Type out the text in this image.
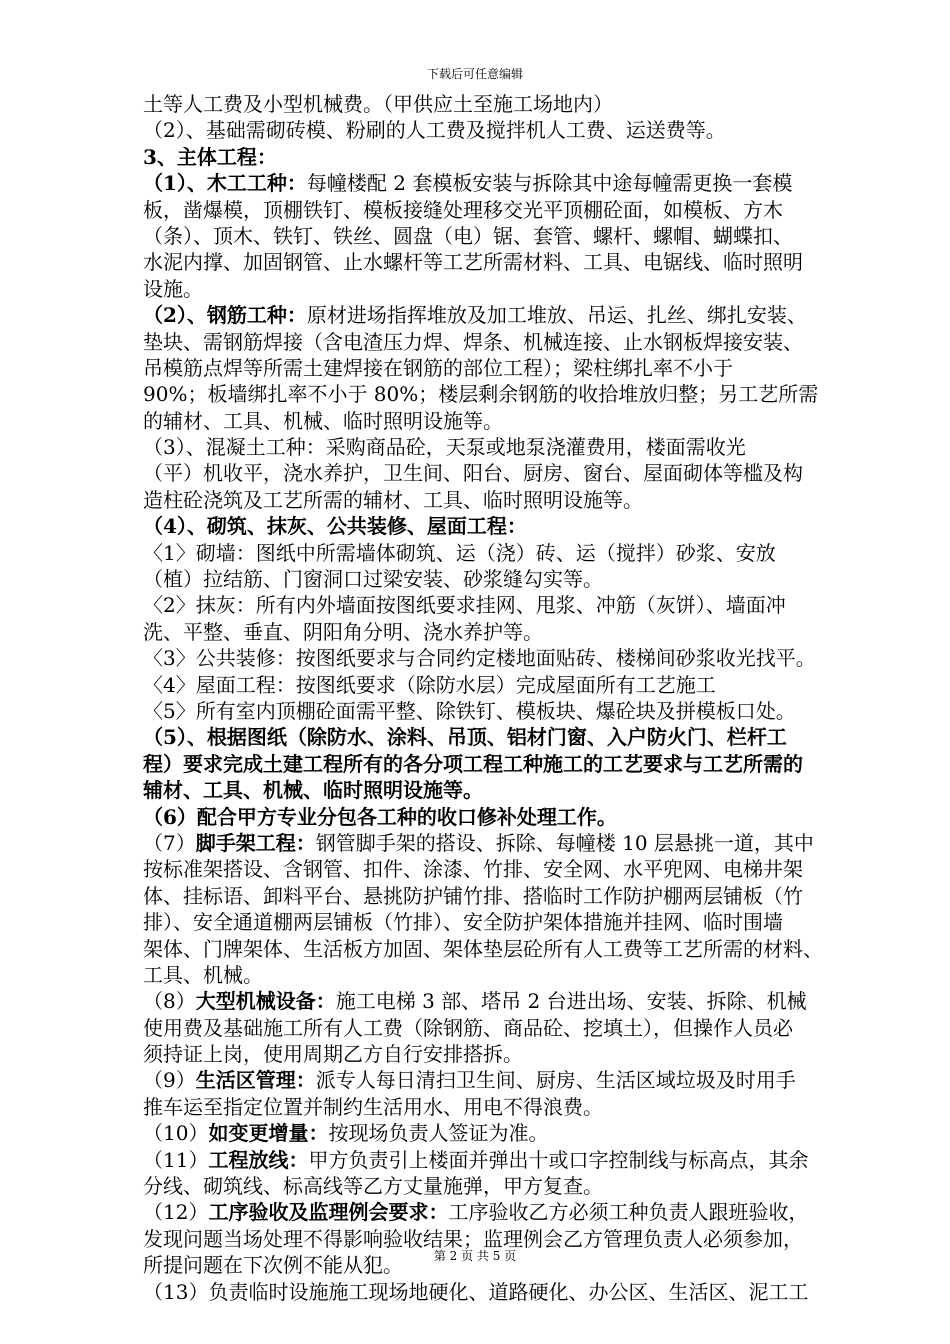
下载后可任意编辑
土等人工费及小型机械费。（甲供应土至施工场地内）
（2）、基础需砌砖模、粉刷的人工费及搅拌机人工费、运送费等。
3、主体工程：
（1）、木工工种：每幢楼配 2 套模板安装与拆除其中途每幢需更换一套模
板，凿爆模，顶棚铁钉、模板接缝处理移交光平顶棚砼面，如模板、方木
（条）、顶木、铁钉、铁丝、圆盘（电）锯、套管、螺杆、螺帽、蝴蝶扣、
水泥内撑、加固钢管、止水螺杆等工艺所需材料、工具、电锯线、临时照明
设施。
（2）、钢筋工种：原材进场指挥堆放及加工堆放、吊运、扎丝、绑扎安装、
垫块、需钢筋焊接（含电渣压力焊、焊条、机械连接、止水钢板焊接安装、
吊模筋点焊等所需土建焊接在钢筋的部位工程）；梁柱绑扎率不小于
90%；板墙绑扎率不小于 80%；楼层剩余钢筋的收拾堆放归整；另工艺所需
的辅材、工具、机械、临时照明设施等。
（3）、混凝土工种：采购商品砼，天泵或地泵浇灌费用，楼面需收光
（平）机收平，浇水养护，卫生间、阳台、厨房、窗台、屋面砌体等槛及构
造柱砼浇筑及工艺所需的辅材、工具、临时照明设施等。
（4）、砌筑、抹灰、公共装修、屋面工程：
〈1〉砌墙：图纸中所需墙体砌筑、运（浇）砖、运（搅拌）砂浆、安放
（植）拉结筋、门窗洞口过梁安装、砂浆缝勾实等。
〈2〉抹灰：所有内外墙面按图纸要求挂网、甩浆、冲筋（灰饼）、墙面冲
洗、平整、垂直、阴阳角分明、浇水养护等。
〈3〉公共装修：按图纸要求与合同约定楼地面贴砖、楼梯间砂浆收光找平。
〈4〉屋面工程：按图纸要求（除防水层）完成屋面所有工艺施工
〈5〉所有室内顶棚砼面需平整、除铁钉、模板块、爆砼块及拼模板口处。
（5）、根据图纸（除防水、涂料、吊顶、铝材门窗、入户防火门、栏杆工
程）要求完成土建工程所有的各分项工程工种施工的工艺要求与工艺所需的
辅材、工具、机械、临时照明设施等。
（6）配合甲方专业分包各工种的收口修补处理工作。
（7）脚手架工程：钢管脚手架的搭设、拆除、每幢楼 10 层悬挑一道，其中
按标准架搭设、含钢管、扣件、涂漆、竹排、安全网、水平兜网、电梯井架
体、挂标语、卸料平台、悬挑防护铺竹排、搭临时工作防护棚两层铺板（竹
排）、安全通道棚两层铺板（竹排）、安全防护架体措施并挂网、临时围墙
架体、门牌架体、生活板方加固、架体垫层砼所有人工费等工艺所需的材料、
工具、机械。
（8）大型机械设备：施工电梯 3 部、塔吊 2 台进出场、安装、拆除、机械
使用费及基础施工所有人工费（除钢筋、商品砼、挖填土），但操作人员必
须持证上岗，使用周期乙方自行安排搭拆。
（9）生活区管理：派专人每日清扫卫生间、厨房、生活区域垃圾及时用手
推车运至指定位置并制约生活用水、用电不得浪费。
（10）如变更增量：按现场负责人签证为准。
（11）工程放线：甲方负责引上楼面并弹出十或口字控制线与标高点，其余
分线、砌筑线、标高线等乙方丈量施弹，甲方复查。
（12）工序验收及监理例会要求：工序验收乙方必须工种负责人跟班验收，
发现问题当场处理不得影响验收结果；监理例会乙方管理负责人必须参加，
所提问题在下次例不能从犯。
（13）负责临时设施施工现场地硬化、道路硬化、办公区、生活区、泥工工
第 2 页 共 5 页
